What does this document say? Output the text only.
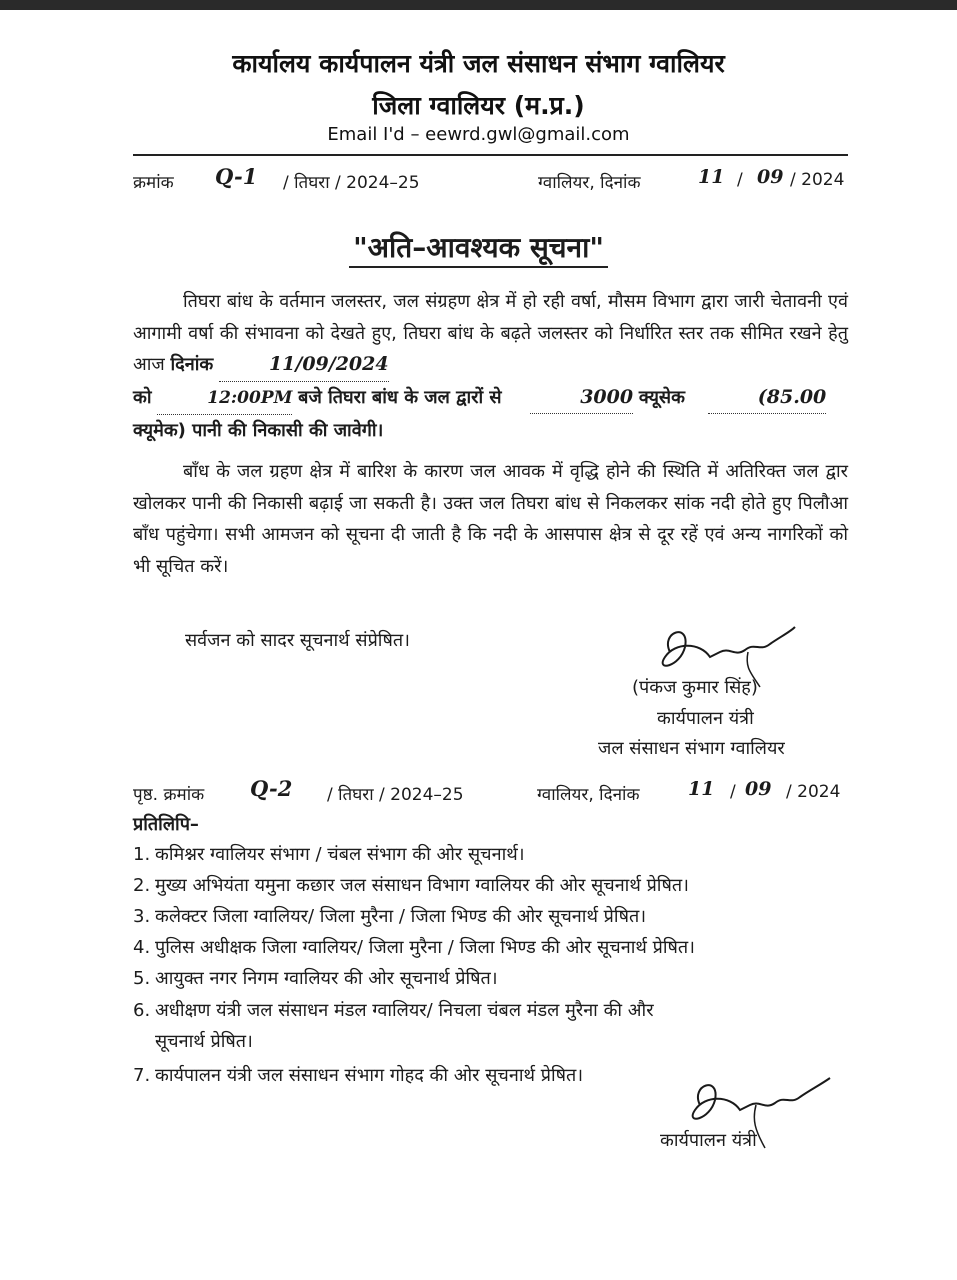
कार्यालय कार्यपालन यंत्री जल संसाधन संभाग ग्वालियर
जिला ग्वालियर (म.प्र.)
Email I'd – eewrd.gwl@gmail.com
क्रमांक Q-1 / तिघरा / 2024–25	ग्वालियर, दिनांक	11 / 09 / 2024
"अति–आवश्यक सूचना"
तिघरा बांध के वर्तमान जलस्तर, जल संग्रहण क्षेत्र में हो रही वर्षा, मौसम विभाग द्वारा जारी चेतावनी एवं आगामी वर्षा की संभावना को देखते हुए, तिघरा बांध के बढ़ते जलस्तर को निर्धारित स्तर तक सीमित रखने हेतु आज दिनांक	11/09/2024
को	12:00PM बजे तिघरा बांध के जल द्वारों से	3000 क्यूसेक	(85.00
क्यूमेक) पानी की निकासी की जावेगी।
बाँध के जल ग्रहण क्षेत्र में बारिश के कारण जल आवक में वृद्धि होने की स्थिति में अतिरिक्त जल द्वार खोलकर पानी की निकासी बढ़ाई जा सकती है। उक्त जल तिघरा बांध से निकलकर सांक नदी होते हुए पिलौआ बाँध पहुंचेगा। सभी आमजन को सूचना दी जाती है कि नदी के आसपास क्षेत्र से दूर रहें एवं अन्य नागरिकों को भी सूचित करें।
सर्वजन को सादर सूचनार्थ संप्रेषित।
(पंकज कुमार सिंह)
कार्यपालन यंत्री
जल संसाधन संभाग ग्वालियर
पृष्ठ. क्रमांक Q-2 / तिघरा / 2024–25	ग्वालियर, दिनांक	11 / 09 / 2024
प्रतिलिपि–
1. कमिश्नर ग्वालियर संभाग / चंबल संभाग की ओर सूचनार्थ।
2. मुख्य अभियंता यमुना कछार जल संसाधन विभाग ग्वालियर की ओर सूचनार्थ प्रेषित।
3. कलेक्टर जिला ग्वालियर/ जिला मुरैना / जिला भिण्ड की ओर सूचनार्थ प्रेषित।
4. पुलिस अधीक्षक जिला ग्वालियर/ जिला मुरैना / जिला भिण्ड की ओर सूचनार्थ प्रेषित।
5. आयुक्त नगर निगम ग्वालियर की ओर सूचनार्थ प्रेषित।
6. अधीक्षण यंत्री जल संसाधन मंडल ग्वालियर/ निचला चंबल मंडल मुरैना की और
सूचनार्थ प्रेषित।
7. कार्यपालन यंत्री जल संसाधन संभाग गोहद की ओर सूचनार्थ प्रेषित।
कार्यपालन यंत्री
